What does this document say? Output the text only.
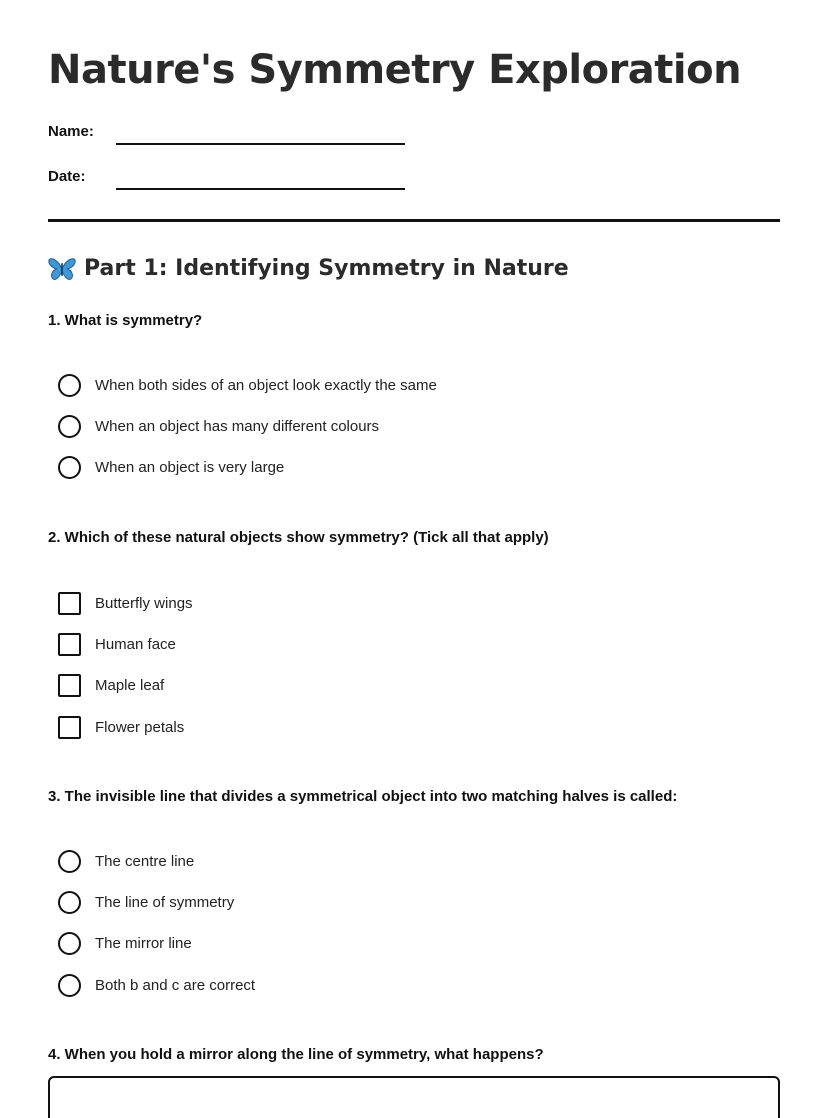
Nature's Symmetry Exploration
Name:
Date:
Part 1: Identifying Symmetry in Nature
1. What is symmetry?
When both sides of an object look exactly the same
When an object has many different colours
When an object is very large
2. Which of these natural objects show symmetry? (Tick all that apply)
Butterfly wings
Human face
Maple leaf
Flower petals
3. The invisible line that divides a symmetrical object into two matching halves is called:
The centre line
The line of symmetry
The mirror line
Both b and c are correct
4. When you hold a mirror along the line of symmetry, what happens?
